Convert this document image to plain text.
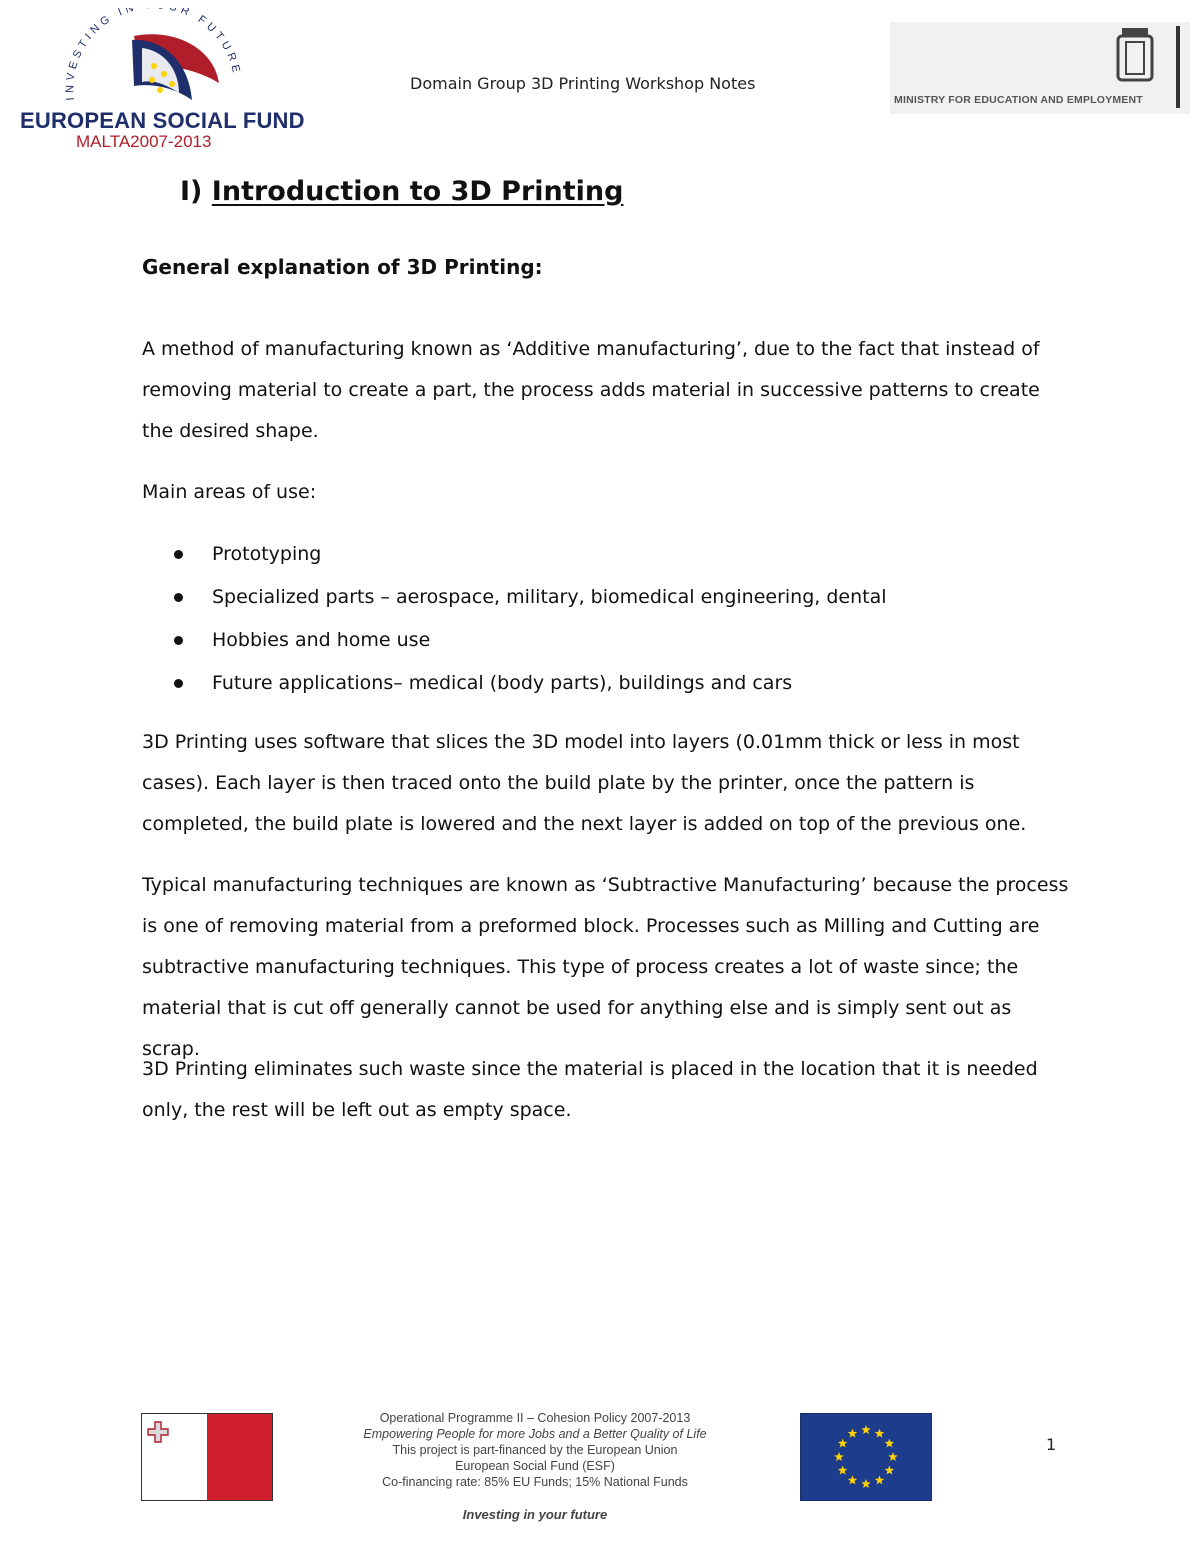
INVESTING IN R FUTURE
EUROPEAN SOCIAL FUND
MALTA2007-2013
Domain Group 3D Printing Workshop Notes
MINISTRY FOR EDUCATION AND EMPLOYMENT
I) Introduction to 3D Printing
General explanation of 3D Printing:
A method of manufacturing known as ‘Additive manufacturing’, due to the fact that instead of removing material to create a part, the process adds material in successive patterns to create the desired shape.
Main areas of use:
Prototyping
Specialized parts – aerospace, military, biomedical engineering, dental
Hobbies and home use
Future applications– medical (body parts), buildings and cars
3D Printing uses software that slices the 3D model into layers (0.01mm thick or less in most cases). Each layer is then traced onto the build plate by the printer, once the pattern is completed, the build plate is lowered and the next layer is added on top of the previous one.
Typical manufacturing techniques are known as ‘Subtractive Manufacturing’ because the process is one of removing material from a preformed block. Processes such as Milling and Cutting are subtractive manufacturing techniques. This type of process creates a lot of waste since; the material that is cut off generally cannot be used for anything else and is simply sent out as scrap.
3D Printing eliminates such waste since the material is placed in the location that it is needed only, the rest will be left out as empty space.
Operational Programme II – Cohesion Policy 2007-2013
Empowering People for more Jobs and a Better Quality of Life
This project is part-financed by the European Union
European Social Fund (ESF)
Co-financing rate: 85% EU Funds; 15% National Funds
Investing in your future
1
